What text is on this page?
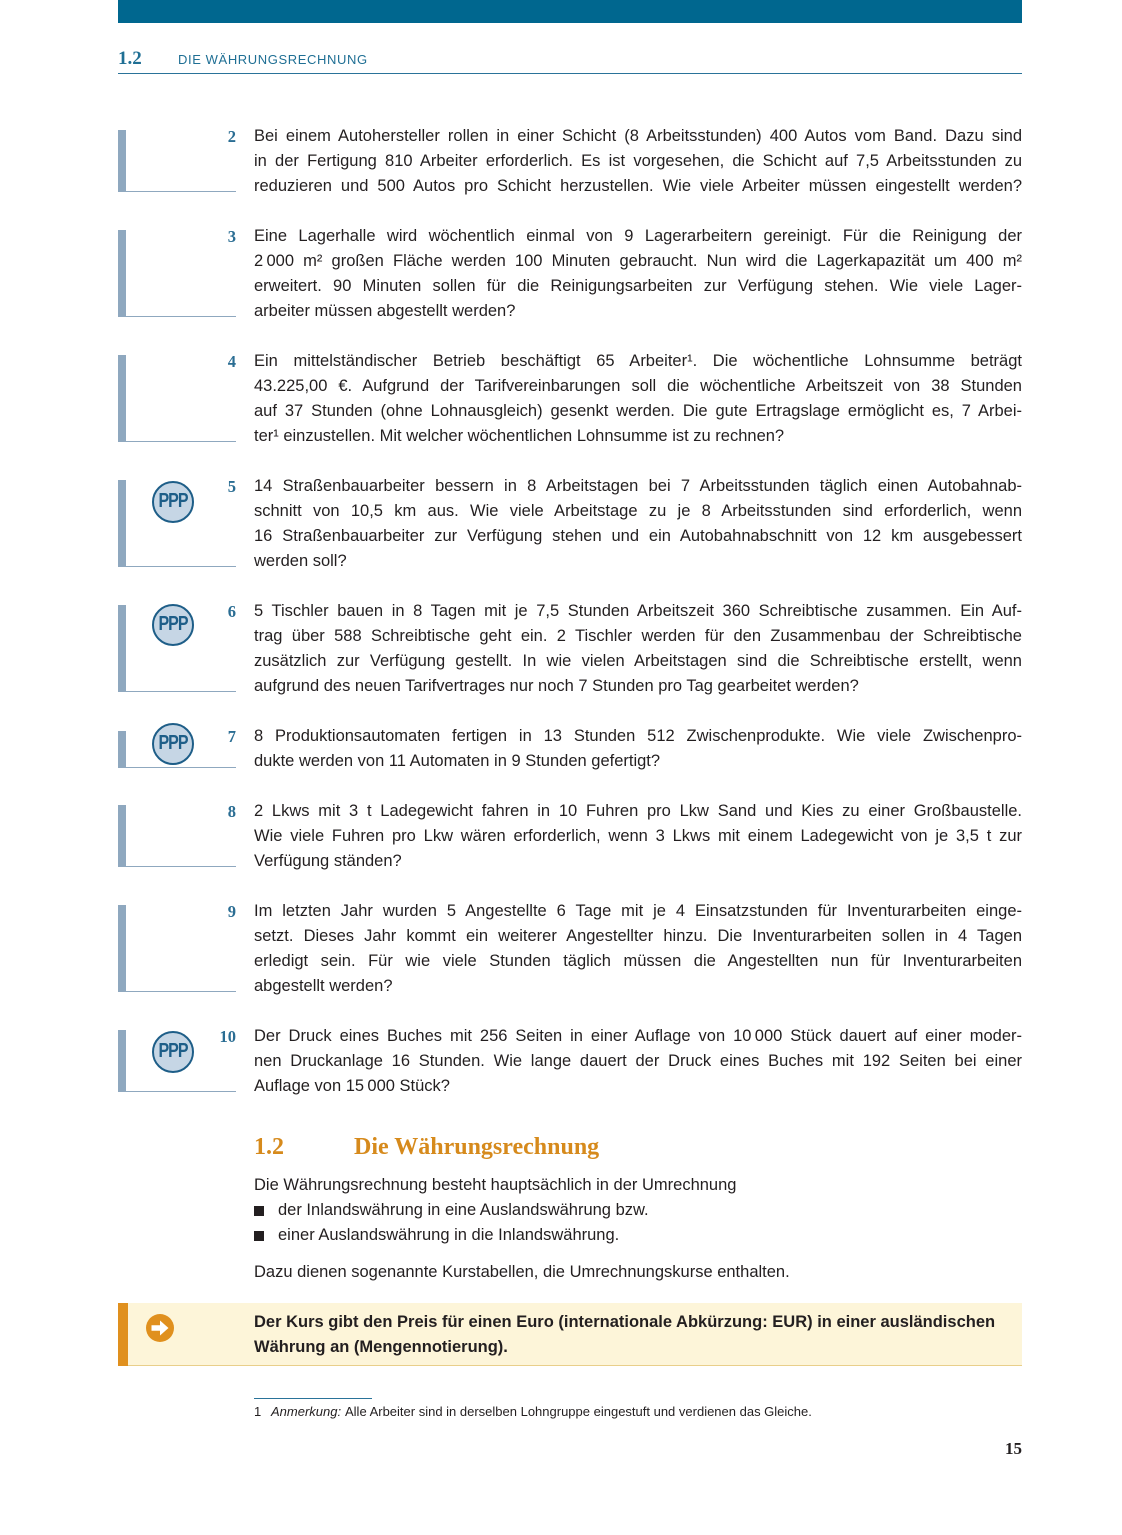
1.2	DIE WÄHRUNGSRECHNUNG
2 Bei einem Autohersteller rollen in einer Schicht (8 Arbeitsstunden) 400 Autos vom Band. Dazu sind
in der Fertigung 810 Arbeiter erforderlich. Es ist vorgesehen, die Schicht auf 7,5 Arbeitsstunden zu
reduzieren und 500 Autos pro Schicht herzustellen. Wie viele Arbeiter müssen eingestellt werden?
3 Eine Lagerhalle wird wöchentlich einmal von 9 Lagerarbeitern gereinigt. Für die Reinigung der
2 000 m² großen Fläche werden 100 Minuten gebraucht. Nun wird die Lagerkapazität um 400 m²
erweitert. 90 Minuten sollen für die Reinigungsarbeiten zur Verfügung stehen. Wie viele Lager-
arbeiter müssen abgestellt werden?
4 Ein mittelständischer Betrieb beschäftigt 65 Arbeiter¹. Die wöchentliche Lohnsumme beträgt
43.225,00 €. Aufgrund der Tarifvereinbarungen soll die wöchentliche Arbeitszeit von 38 Stunden
auf 37 Stunden (ohne Lohnausgleich) gesenkt werden. Die gute Ertragslage ermöglicht es, 7 Arbei-
ter¹ einzustellen. Mit welcher wöchentlichen Lohnsumme ist zu rechnen?
PPP
5 14 Straßenbauarbeiter bessern in 8 Arbeitstagen bei 7 Arbeitsstunden täglich einen Autobahnab-
schnitt von 10,5 km aus. Wie viele Arbeitstage zu je 8 Arbeitsstunden sind erforderlich, wenn
16 Straßenbauarbeiter zur Verfügung stehen und ein Autobahnabschnitt von 12 km ausgebessert
werden soll?
PPP
6 5 Tischler bauen in 8 Tagen mit je 7,5 Stunden Arbeitszeit 360 Schreibtische zusammen. Ein Auf-
trag über 588 Schreibtische geht ein. 2 Tischler werden für den Zusammenbau der Schreibtische
zusätzlich zur Verfügung gestellt. In wie vielen Arbeitstagen sind die Schreibtische erstellt, wenn
aufgrund des neuen Tarifvertrages nur noch 7 Stunden pro Tag gearbeitet werden?
PPP	7 8 Produktionsautomaten fertigen in 13 Stunden 512 Zwischenprodukte. Wie viele Zwischenpro-
dukte werden von 11 Automaten in 9 Stunden gefertigt?
8 2 Lkws mit 3 t Ladegewicht fahren in 10 Fuhren pro Lkw Sand und Kies zu einer Großbaustelle.
Wie viele Fuhren pro Lkw wären erforderlich, wenn 3 Lkws mit einem Ladegewicht von je 3,5 t zur
Verfügung ständen?
9 Im letzten Jahr wurden 5 Angestellte 6 Tage mit je 4 Einsatzstunden für Inventurarbeiten einge-
setzt. Dieses Jahr kommt ein weiterer Angestellter hinzu. Die Inventurarbeiten sollen in 4 Tagen
erledigt sein. Für wie viele Stunden täglich müssen die Angestellten nun für Inventurarbeiten
abgestellt werden?
PPP
10 Der Druck eines Buches mit 256 Seiten in einer Auflage von 10 000 Stück dauert auf einer moder-
nen Druckanlage 16 Stunden. Wie lange dauert der Druck eines Buches mit 192 Seiten bei einer
Auflage von 15 000 Stück?
1.2	Die Währungsrechnung
Die Währungsrechnung besteht hauptsächlich in der Umrechnung
der Inlandswährung in eine Auslandswährung bzw.
einer Auslandswährung in die Inlandswährung.
Dazu dienen sogenannte Kurstabellen, die Umrechnungskurse enthalten.
Der Kurs gibt den Preis für einen Euro (internationale Abkürzung: EUR) in einer ausländischen
Währung an (Mengennotierung).
1 Anmerkung: Alle Arbeiter sind in derselben Lohngruppe eingestuft und verdienen das Gleiche.
15
